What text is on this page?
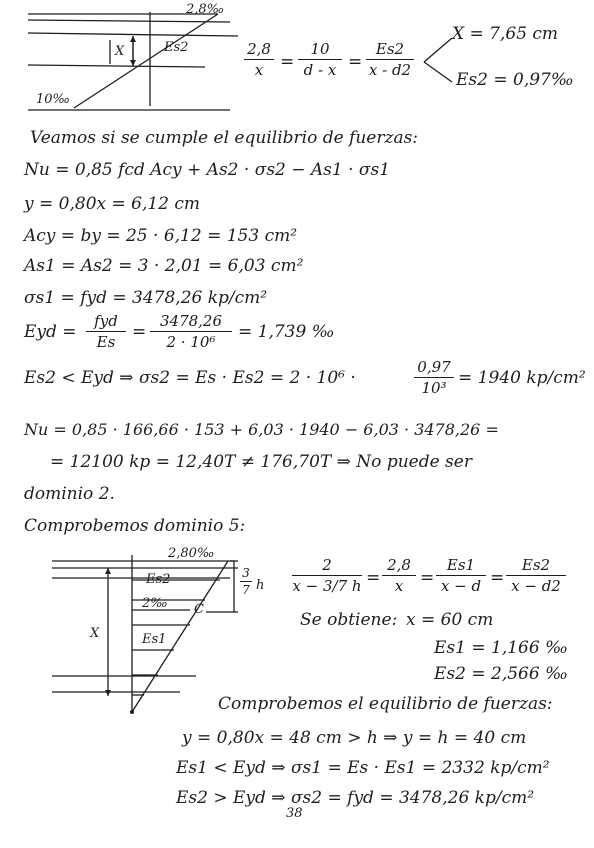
2,8‰
X	Es2
10‰
2,8
x =
10
d - x =
Es2
x - d2
X = 7,65 cm
Es2 = 0,97‰
Veamos si se cumple el equilibrio de fuerzas:
Nu = 0,85 fcd Acy + As2 · σs2 − As1 · σs1
y = 0,80x = 6,12 cm
Acy = by = 25 · 6,12 = 153 cm²
As1 = As2 = 3 · 2,01 = 6,03 cm²
σs1 = fyd = 3478,26 kp/cm²
Eyd =
fyd
Es =
3478,26
2 · 10⁶	= 1,739 ‰
Es2 < Eyd ⇒ σs2 = Es · Es2 = 2 · 10⁶ ·
0,97
10³ = 1940 kp/cm²
Nu = 0,85 · 166,66 · 153 + 6,03 · 1940 − 6,03 · 3478,26 =
= 12100 kp = 12,40T ≠ 176,70T ⇒ No puede ser
dominio 2.
Comprobemos dominio 5:
2,80‰
Es2
2‰ C
X	Es1
3
7 h
2
x − 3/7 h =
2,8
x =
Es1
x − d =
Es2
x − d2
Se obtiene: x = 60 cm
Es1 = 1,166 ‰
Es2 = 2,566 ‰
Comprobemos el equilibrio de fuerzas:
y = 0,80x = 48 cm > h ⇒ y = h = 40 cm
Es1 < Eyd ⇒ σs1 = Es · Es1 = 2332 kp/cm²
Es2 > Eyd ⇒ σs2 = fyd = 3478,26 kp/cm²
38
